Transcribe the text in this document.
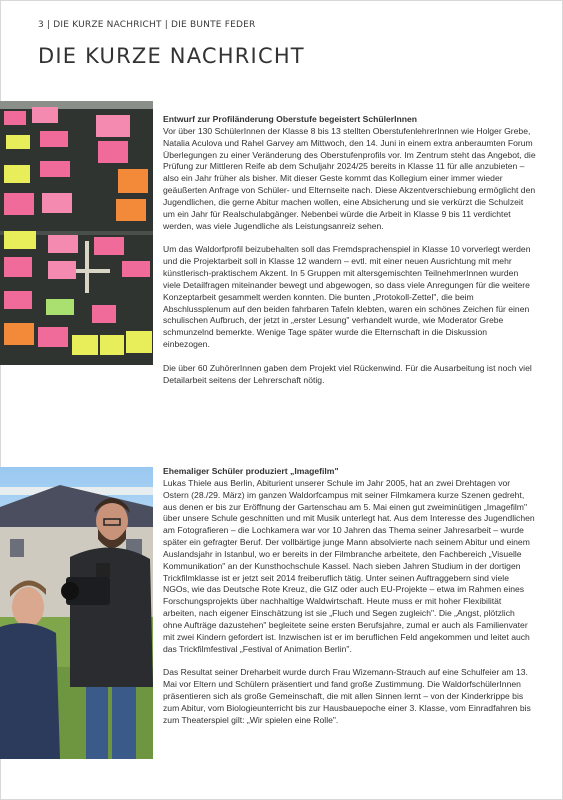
3 | DIE KURZE NACHRICHT | DIE BUNTE FEDER
DIE KURZE NACHRICHT
Entwurf zur Profiländerung Oberstufe begeistert SchülerInnen

Vor über 130 SchülerInnen der Klasse 8 bis 13 stellten OberstufenlehrerInnen wie Holger Grebe, Natalia Aculova und Rahel Garvey am Mittwoch, den 14. Juni in einem extra anberaumten Forum Überlegungen zu einer Veränderung des Oberstufenprofils vor. Im Zentrum steht das Angebot, die Prüfung zur Mittleren Reife ab dem Schuljahr 2024/25 bereits in Klasse 11 für alle anzubieten – also ein Jahr früher als bisher. Mit dieser Geste kommt das Kollegium einer immer wieder geäußerten Anfrage von Schüler- und Elternseite nach. Diese Akzentverschiebung ermöglicht den Jugendlichen, die gerne Abitur machen wollen, eine Absicherung und sie verkürzt die Schulzeit um ein Jahr für Realschulabgänger. Nebenbei würde die Arbeit in Klasse 9 bis 11 verdichtet werden, was viele Jugendliche als Leistungsanreiz sehen.

Um das Waldorfprofil beizubehalten soll das Fremdsprachenspiel in Klasse 10 vorverlegt werden und die Projektarbeit soll in Klasse 12 wandern – evtl. mit einer neuen Ausrichtung mit mehr künstlerisch-praktischem Akzent. In 5 Gruppen mit altersgemischten TeilnehmerInnen wurden viele Detailfragen miteinander bewegt und abgewogen, so dass viele Anregungen für die weitere Konzeptarbeit gesammelt werden konnten. Die bunten „Protokoll-Zettel", die beim Abschlussplenum auf den beiden fahrbaren Tafeln klebten, waren ein schönes Zeichen für einen schulischen Aufbruch, der jetzt in „erster Lesung" verhandelt wurde, wie Moderator Grebe schmunzelnd bemerkte. Wenige Tage später wurde die Elternschaft in die Diskussion einbezogen.

Die über 60 ZuhörerInnen gaben dem Projekt viel Rückenwind. Für die Ausarbeitung ist noch viel Detailarbeit seitens der Lehrerschaft nötig.

Ehemaliger Schüler produziert „Imagefilm"

Lukas Thiele aus Berlin, Abiturient unserer Schule im Jahr 2005, hat an zwei Drehtagen vor Ostern (28./29. März) im ganzen Waldorfcampus mit seiner Filmkamera kurze Szenen gedreht, aus denen er bis zur Eröffnung der Gartenschau am 5. Mai einen gut zweiminütigen „Imagefilm" über unsere Schule geschnitten und mit Musik unterlegt hat. Aus dem Interesse des Jugendlichen am Fotografieren – die Lochkamera war vor 10 Jahren das Thema seiner Jahresarbeit – wurde später ein gefragter Beruf. Der vollbärtige junge Mann absolvierte nach seinem Abitur und einem Auslandsjahr in Istanbul, wo er bereits in der Filmbranche arbeitete, den Fachbereich „Visuelle Kommunikation" an der Kunsthochschule Kassel. Nach sieben Jahren Studium in der dortigen Trickfilmklasse ist er jetzt seit 2014 freiberuflich tätig. Unter seinen Auftraggebern sind viele NGOs, wie das Deutsche Rote Kreuz, die GIZ oder auch EU-Projekte – etwa im Rahmen eines Forschungsprojekts über nachhaltige Waldwirtschaft. Heute muss er mit hoher Flexibilität arbeiten, nach eigener Einschätzung ist sie „Fluch und Segen zugleich". Die „Angst, plötzlich ohne Aufträge dazustehen" begleitete seine ersten Berufsjahre, zumal er auch als Familienvater mit zwei Kindern gefordert ist. Inzwischen ist er im beruflichen Feld angekommen und leitet auch das Trickfilmfestival „Festival of Animation Berlin".

Das Resultat seiner Dreharbeit wurde durch Frau Wizemann-Strauch auf eine Schulfeier am 13. Mai vor Eltern und Schülern präsentiert und fand große Zustimmung. Die WaldorfschülerInnen präsentieren sich als große Gemeinschaft, die mit allen Sinnen lernt – von der Kinderkrippe bis zum Abitur, vom Biologieunterricht bis zur Hausbauepoche einer 3. Klasse, vom Einradfahren bis zum Theaterspiel gilt: „Wir spielen eine Rolle".
